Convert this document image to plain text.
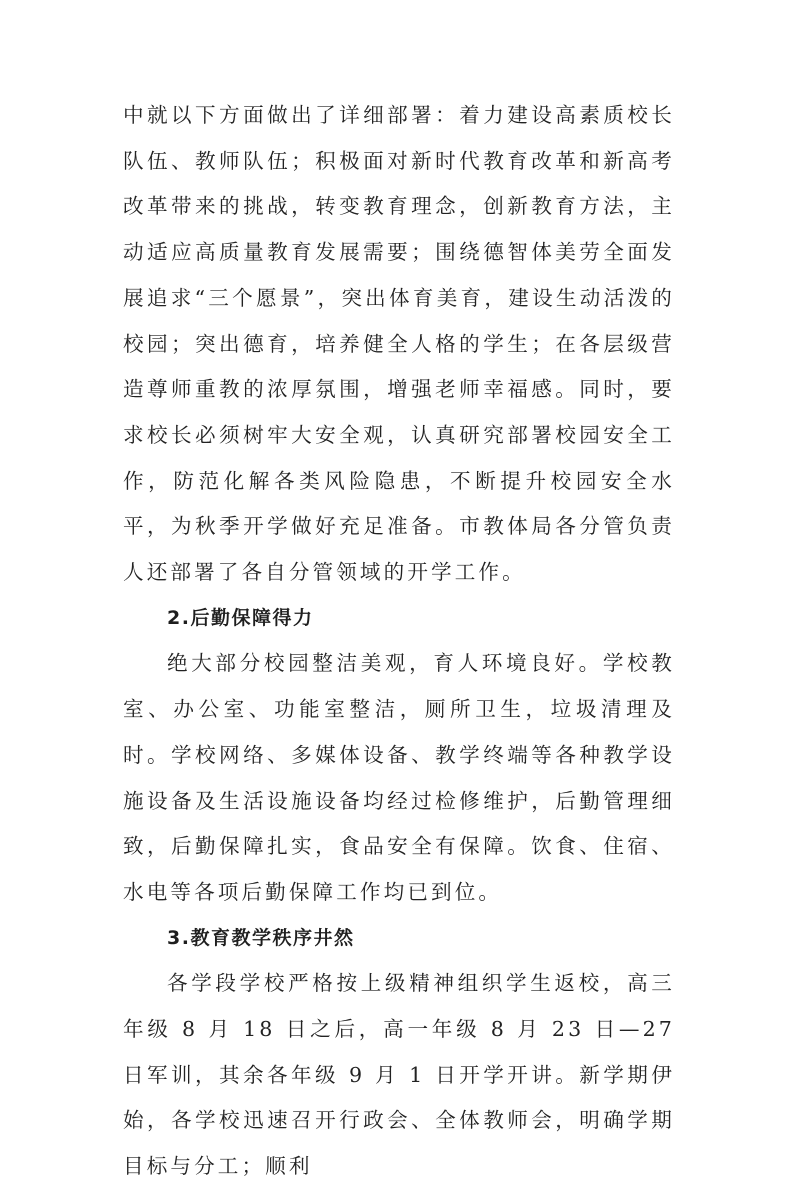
中就以下方面做出了详细部署：着力建设高素质校长队伍、教师队伍；积极面对新时代教育改革和新高考改革带来的挑战，转变教育理念，创新教育方法，主动适应高质量教育发展需要；围绕德智体美劳全面发展追求“三个愿景”，突出体育美育，建设生动活泼的校园；突出德育，培养健全人格的学生；在各层级营造尊师重教的浓厚氛围，增强老师幸福感。同时，要求校长必须树牢大安全观，认真研究部署校园安全工作，防范化解各类风险隐患，不断提升校园安全水平，为秋季开学做好充足准备。市教体局各分管负责人还部署了各自分管领域的开学工作。

2.后勤保障得力

绝大部分校园整洁美观，育人环境良好。学校教室、办公室、功能室整洁，厕所卫生，垃圾清理及时。学校网络、多媒体设备、教学终端等各种教学设施设备及生活设施设备均经过检修维护，后勤管理细致，后勤保障扎实，食品安全有保障。饮食、住宿、水电等各项后勤保障工作均已到位。

3.教育教学秩序井然

各学段学校严格按上级精神组织学生返校，高三年级 8 月 18 日之后，高一年级 8 月 23 日—27 日军训，其余各年级 9 月 1 日开学开讲。新学期伊始，各学校迅速召开行政会、全体教师会，明确学期目标与分工；顺利
